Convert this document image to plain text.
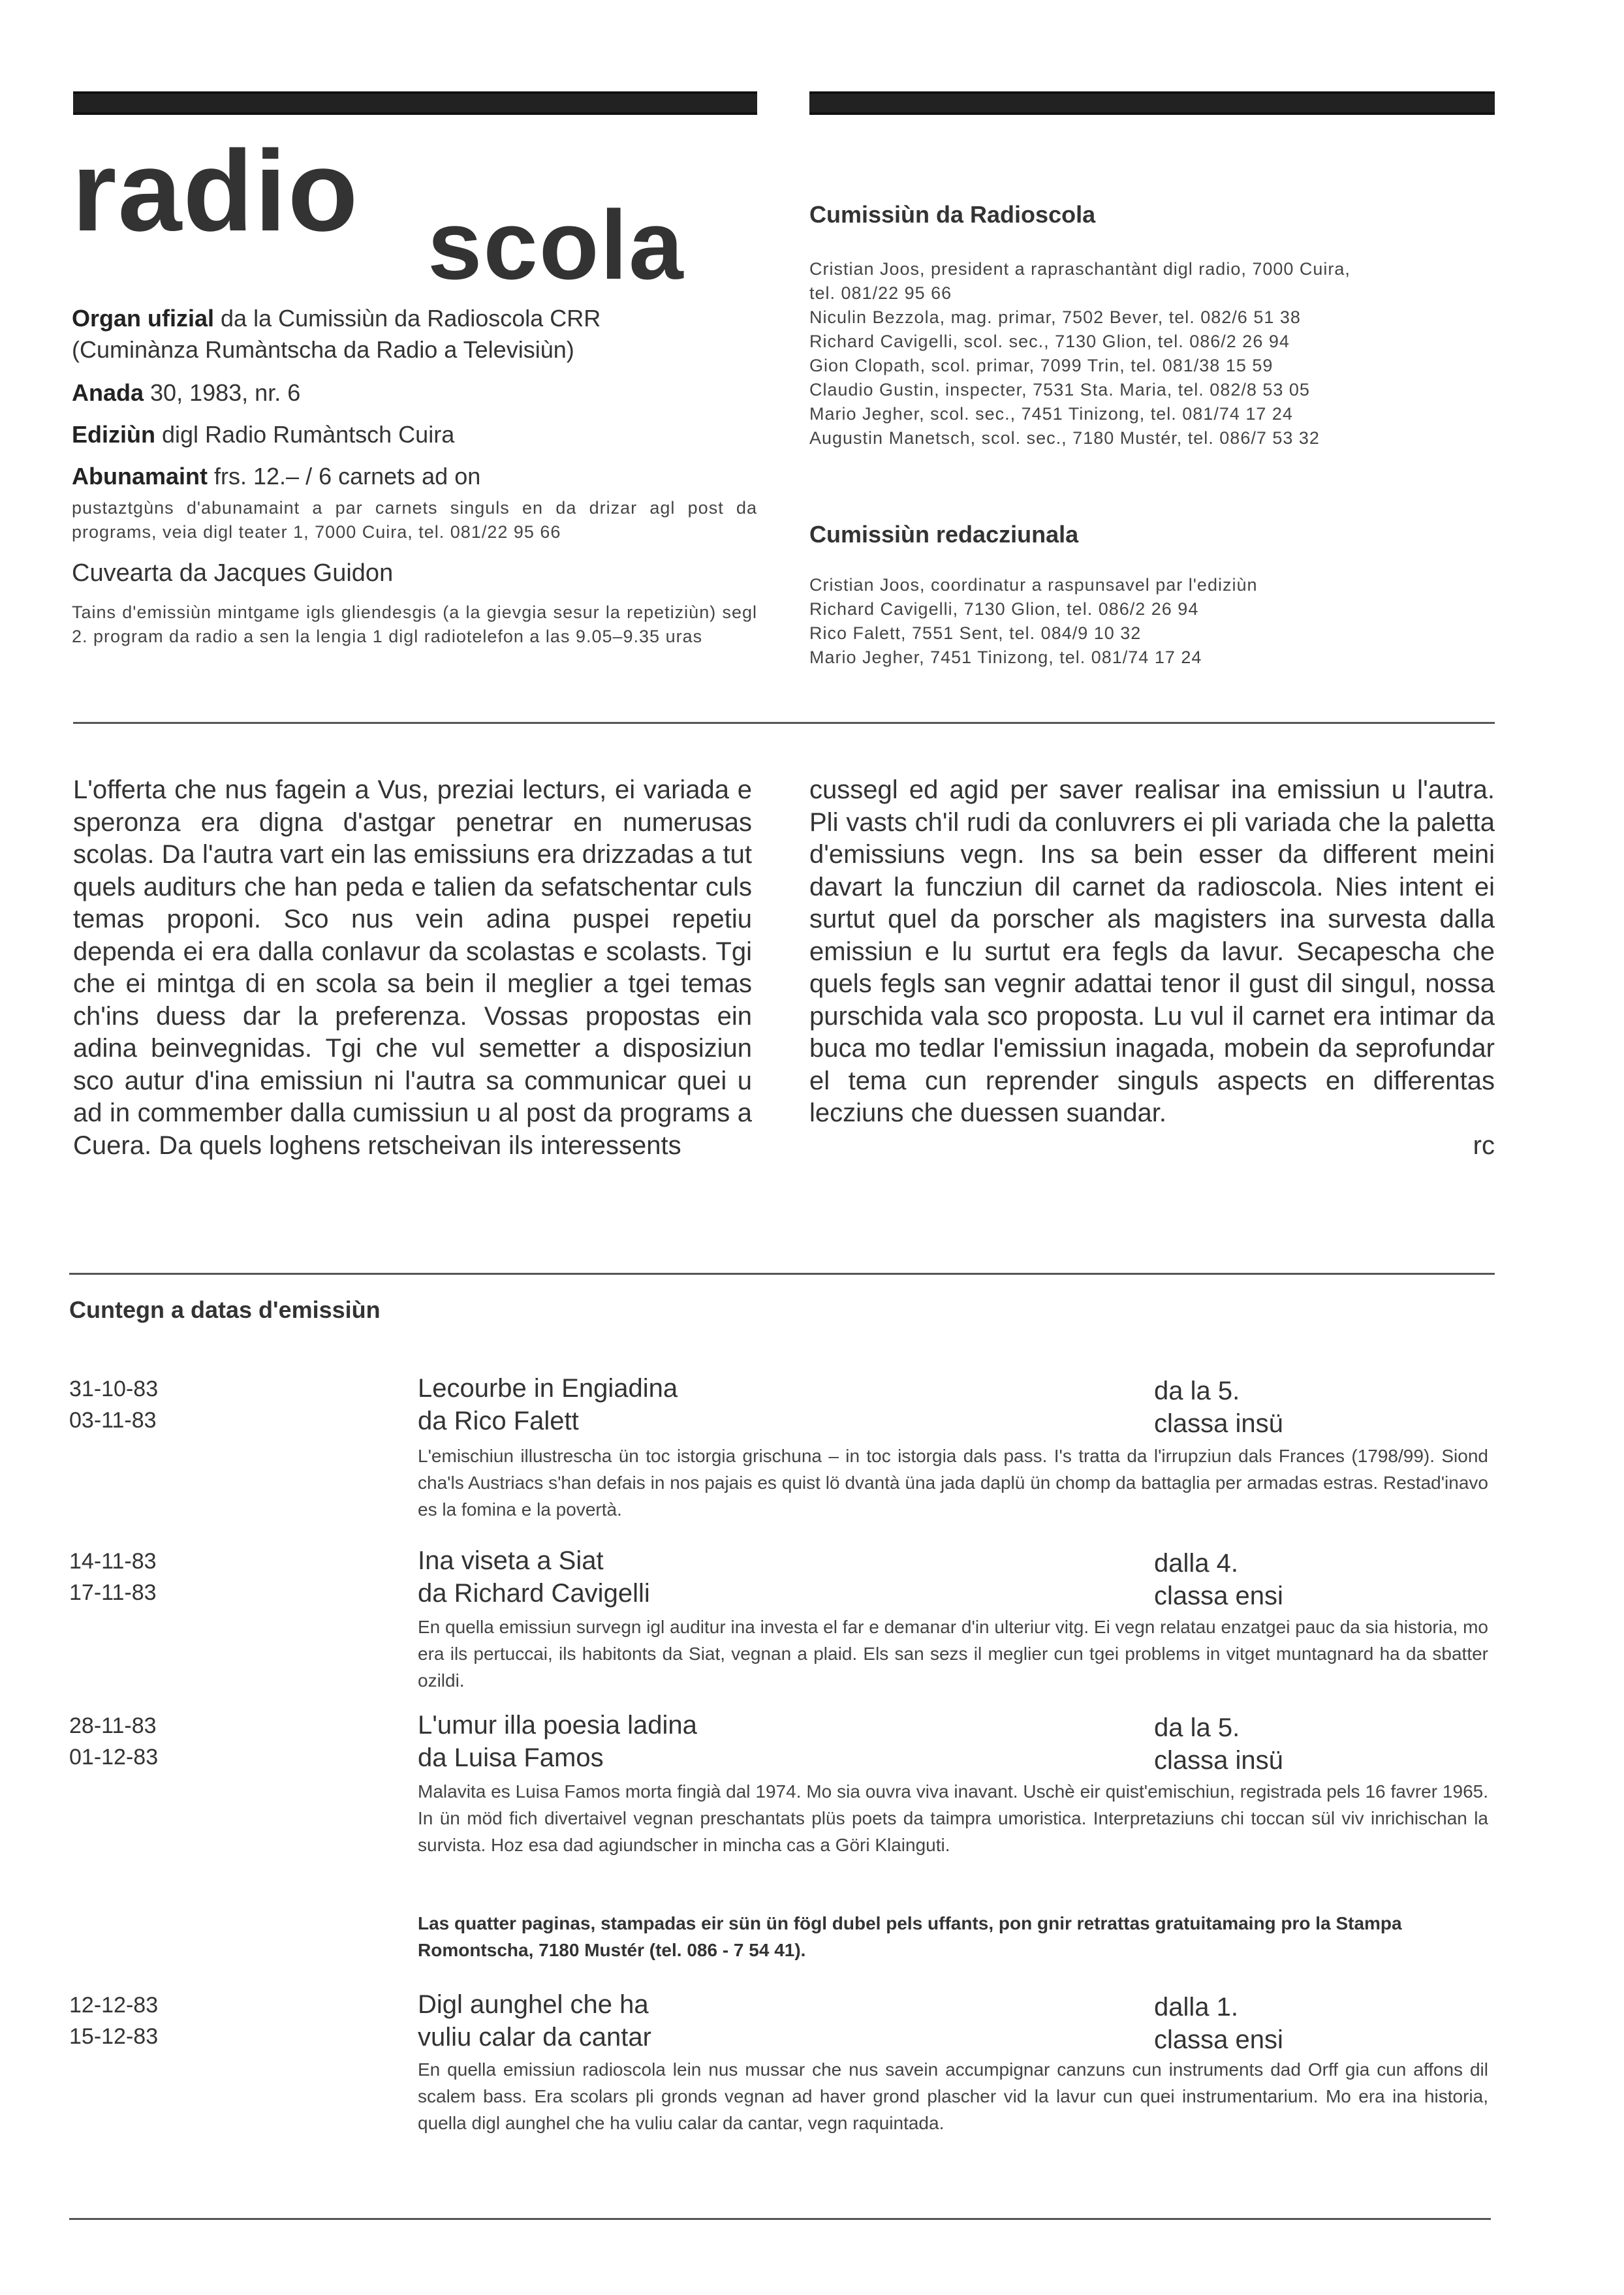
radio scola
Organ ufizial da la Cumissiùn da Radioscola CRR
(Cuminànza Rumàntscha da Radio a Televisiùn)
Anada 30, 1983, nr. 6
Ediziùn digl Radio Rumàntsch Cuira
Abunamaint frs. 12.– / 6 carnets ad on
pustaztgùns d'abunamaint a par carnets singuls en da drizar agl post da programs, veia digl teater 1, 7000 Cuira, tel. 081/22 95 66
Cuvearta da Jacques Guidon
Tains d'emissiùn mintgame igls gliendesgis (a la gievgia sesur la repetiziùn) segl 2. program da radio a sen la lengia 1 digl radiotelefon a las 9.05–9.35 uras
Cumissiùn da Radioscola
Cristian Joos, president a rapraschantànt digl radio, 7000 Cuira,
tel. 081/22 95 66
Niculin Bezzola, mag. primar, 7502 Bever, tel. 082/6 51 38
Richard Cavigelli, scol. sec., 7130 Glion, tel. 086/2 26 94
Gion Clopath, scol. primar, 7099 Trin, tel. 081/38 15 59
Claudio Gustin, inspecter, 7531 Sta. Maria, tel. 082/8 53 05
Mario Jegher, scol. sec., 7451 Tinizong, tel. 081/74 17 24
Augustin Manetsch, scol. sec., 7180 Mustér, tel. 086/7 53 32
Cumissiùn redacziunala
Cristian Joos, coordinatur a raspunsavel par l'ediziùn
Richard Cavigelli, 7130 Glion, tel. 086/2 26 94
Rico Falett, 7551 Sent, tel. 084/9 10 32
Mario Jegher, 7451 Tinizong, tel. 081/74 17 24
L'offerta che nus fagein a Vus, preziai lecturs, ei variada e speronza era digna d'astgar penetrar en numerusas scolas. Da l'autra vart ein las emissiuns era drizzadas a tut quels auditurs che han peda e talien da sefatschentar culs temas proponi. Sco nus vein adina puspei repetiu dependa ei era dalla conlavur da scolastas e scolasts. Tgi che ei mintga di en scola sa bein il meglier a tgei temas ch'ins duess dar la preferenza. Vossas propostas ein adina beinvegnidas. Tgi che vul semetter a disposiziun sco autur d'ina emissiun ni l'autra sa communicar quei u ad in commember dalla cumissiun u al post da programs a Cuera. Da quels loghens retscheivan ils interessents
cussegl ed agid per saver realisar ina emissiun u l'autra. Pli vasts ch'il rudi da conluvrers ei pli variada che la paletta d'emissiuns vegn. Ins sa bein esser da different meini davart la funcziun dil carnet da radioscola. Nies intent ei surtut quel da porscher als magisters ina survesta dalla emissiun e lu surtut era fegls da lavur. Secapescha che quels fegls san vegnir adattai tenor il gust dil singul, nossa purschida vala sco proposta. Lu vul il carnet era intimar da buca mo tedlar l'emissiun inagada, mobein da seprofundar el tema cun reprender singuls aspects en differentas lecziuns che duessen suandar.
rc
Cuntegn a datas d'emissiùn
31-10-83
03-11-83
Lecourbe in Engiadina
da Rico Falett
da la 5.
classa insü
L'emischiun illustrescha ün toc istorgia grischuna – in toc istorgia dals pass. I's tratta da l'irrupziun dals Frances (1798/99). Siond cha'ls Austriacs s'han defais in nos pajais es quist lö dvantà üna jada daplü ün chomp da battaglia per armadas estras. Restad'inavo es la fomina e la povertà.
14-11-83
17-11-83
Ina viseta a Siat
da Richard Cavigelli
dalla 4.
classa ensi
En quella emissiun survegn igl auditur ina investa el far e demanar d'in ulteriur vitg. Ei vegn relatau enzatgei pauc da sia historia, mo era ils pertuccai, ils habitonts da Siat, vegnan a plaid. Els san sezs il meglier cun tgei problems in vitget muntagnard ha da sbatter ozildi.
28-11-83
01-12-83
L'umur illa poesia ladina
da Luisa Famos
da la 5.
classa insü
Malavita es Luisa Famos morta fingià dal 1974. Mo sia ouvra viva inavant. Uschè eir quist'emischiun, registrada pels 16 favrer 1965. In ün möd fich divertaivel vegnan preschantats plüs poets da taimpra umoristica. Interpretaziuns chi toccan sül viv inrichischan la survista. Hoz esa dad agiundscher in mincha cas a Göri Klainguti.
Las quatter paginas, stampadas eir sün ün fögl dubel pels uffants, pon gnir retrattas gratuitamaing pro la Stampa Romontscha, 7180 Mustér (tel. 086 - 7 54 41).
12-12-83
15-12-83
Digl aunghel che ha
vuliu calar da cantar
dalla 1.
classa ensi
En quella emissiun radioscola lein nus mussar che nus savein accumpignar canzuns cun instruments dad Orff gia cun affons dil scalem bass. Era scolars pli gronds vegnan ad haver grond plascher vid la lavur cun quei instrumentarium. Mo era ina historia, quella digl aunghel che ha vuliu calar da cantar, vegn raquintada.
